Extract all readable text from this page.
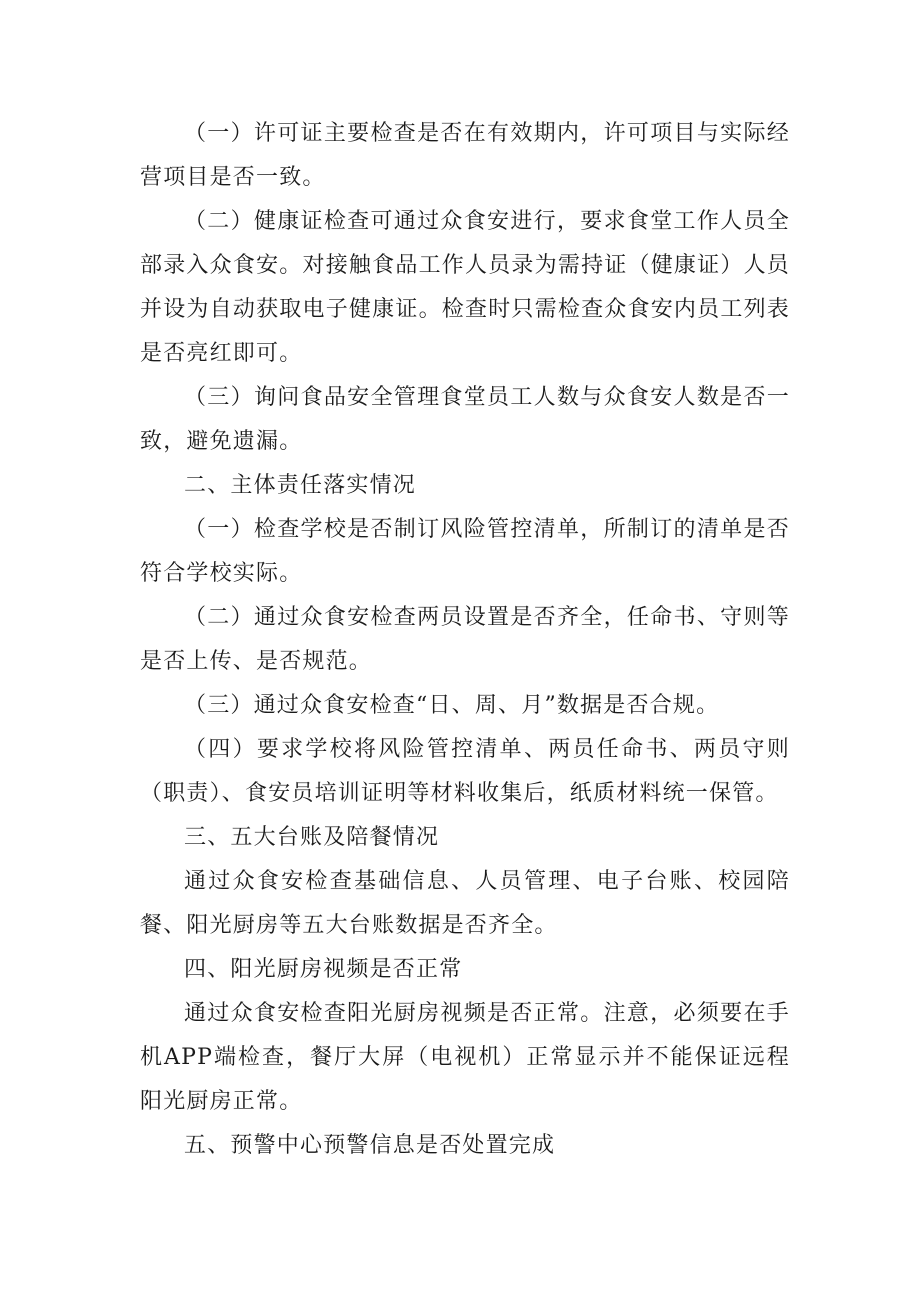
（一）许可证主要检查是否在有效期内，许可项目与实际经营项目是否一致。

（二）健康证检查可通过众食安进行，要求食堂工作人员全部录入众食安。对接触食品工作人员录为需持证（健康证）人员并设为自动获取电子健康证。检查时只需检查众食安内员工列表是否亮红即可。

（三）询问食品安全管理食堂员工人数与众食安人数是否一致，避免遗漏。

二、主体责任落实情况

（一）检查学校是否制订风险管控清单，所制订的清单是否符合学校实际。

（二）通过众食安检查两员设置是否齐全，任命书、守则等是否上传、是否规范。

（三）通过众食安检查“日、周、月”数据是否合规。

（四）要求学校将风险管控清单、两员任命书、两员守则（职责）、食安员培训证明等材料收集后，纸质材料统一保管。

三、五大台账及陪餐情况

通过众食安检查基础信息、人员管理、电子台账、校园陪餐、阳光厨房等五大台账数据是否齐全。

四、阳光厨房视频是否正常

通过众食安检查阳光厨房视频是否正常。注意，必须要在手机APP端检查，餐厅大屏（电视机）正常显示并不能保证远程阳光厨房正常。

五、预警中心预警信息是否处置完成
